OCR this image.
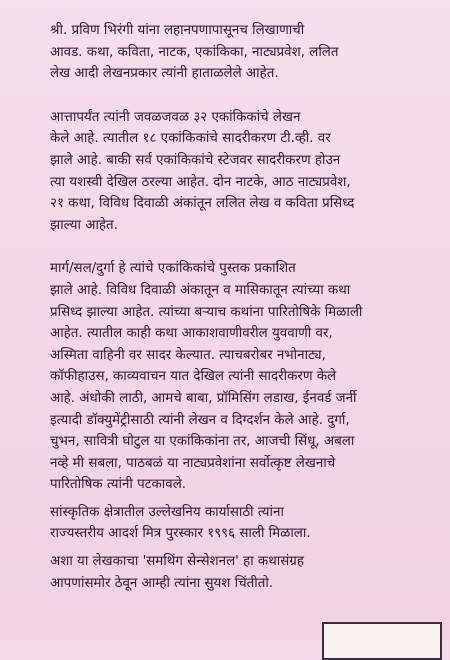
श्री. प्रविण भिरंगी यांना लहानपणापासूनच लिखाणाची
आवड. कथा, कविता, नाटक, एकांकिका, नाट्यप्रवेश, ललित
लेख आदी लेखनप्रकार त्यांनी हाताळलेले आहेत.
आत्तापर्यंत त्यांनी जवळजवळ ३२ एकांकिकांचे लेखन
केले आहे. त्यातील १८ एकांकिकांचे सादरीकरण टी.व्ही. वर
झाले आहे. बाकी सर्व एकांकिकांचे स्टेजवर सादरीकरण होउन
त्या यशस्वी देखिल ठरल्या आहेत. दोन नाटके, आठ नाट्यप्रवेश,
२१ कथा, विविध दिवाळी अंकांतून ललित लेख व कविता प्रसिध्द
झाल्या आहेत.
मार्ग/सल/दुर्गा हे त्यांचे एकांकिकांचे पुस्तक प्रकाशित
झाले आहे. विविध दिवाळी अंकातून व मासिकातून त्यांच्या कथा
प्रसिध्द झाल्या आहेत. त्यांच्या बऱ्याच कथांना पारितोषिके मिळाली
आहेत. त्यातील काही कथा आकाशवाणीवरील युववाणी वर,
अस्मिता वाहिनी वर सादर केल्यात. त्याचबरोबर नभोनाट्य,
कॉफीहाउस, काव्यवाचन यात देखिल त्यांनी सादरीकरण केले
आहे. अंधोकी लाठी, आमचे बाबा, प्रॉमिसिंग लडाख, ईनवर्ड जर्नी
इत्यादी डॉक्युमेंट्रीसाठी त्यांनी लेखन व दिग्दर्शन केले आहे. दुर्गा,
चुभन, सावित्री घोटुल या एकांकिकांना तर, आजची सिंधू, अबला
नव्हे मी सबला, पाठबळं या नाट्यप्रवेशांना सर्वोत्कृष्ट लेखनाचे
पारितोषिक त्यांनी पटकावले.
सांस्कृतिक क्षेत्रातील उल्लेखनिय कार्यासाठी त्यांना
राज्यस्तरीय आदर्श मित्र पुरस्कार १९९६ साली मिळाला.
अशा या लेखकाचा 'समथिंग सेन्सेशनल' हा कथासंग्रह
आपणांसमोर ठेवून आम्ही त्यांना सुयश चिंतीतो.
